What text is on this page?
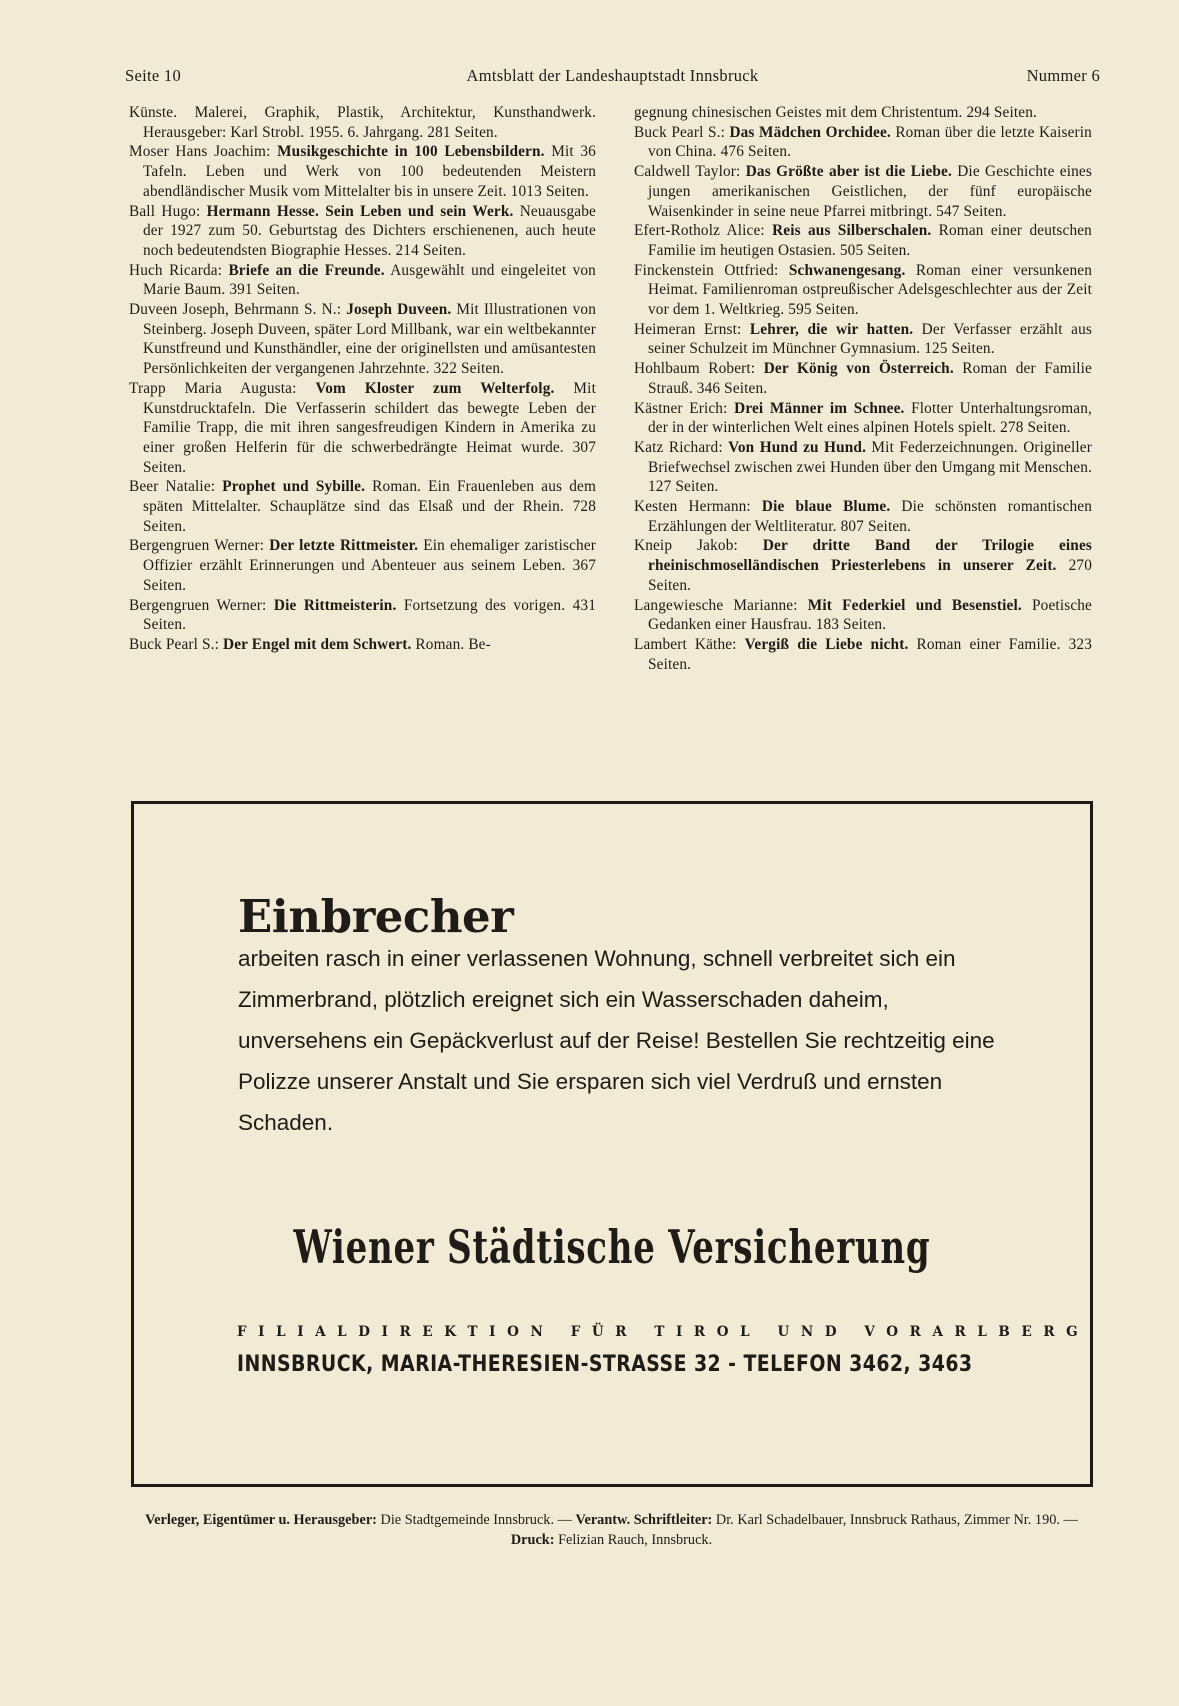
Seite 10	Amtsblatt der Landeshauptstadt Innsbruck	Nummer 6

Künste. Malerei, Graphik, Plastik, Architektur, Kunsthandwerk. Herausgeber: Karl Strobl. 1955. 6. Jahrgang. 281 Seiten.

Moser Hans Joachim: Musikgeschichte in 100 Lebensbildern. Mit 36 Tafeln. Leben und Werk von 100 bedeutenden Meistern abendländischer Musik vom Mittelalter bis in unsere Zeit. 1013 Seiten.

Ball Hugo: Hermann Hesse. Sein Leben und sein Werk. Neuausgabe der 1927 zum 50. Geburtstag des Dichters erschienenen, auch heute noch bedeutendsten Biographie Hesses. 214 Seiten.

Huch Ricarda: Briefe an die Freunde. Ausgewählt und eingeleitet von Marie Baum. 391 Seiten.

Duveen Joseph, Behrmann S. N.: Joseph Duveen. Mit Illustrationen von Steinberg. Joseph Duveen, später Lord Millbank, war ein weltbekannter Kunstfreund und Kunsthändler, eine der originellsten und amüsantesten Persönlichkeiten der vergangenen Jahrzehnte. 322 Seiten.

Trapp Maria Augusta: Vom Kloster zum Welterfolg. Mit Kunstdrucktafeln. Die Verfasserin schildert das bewegte Leben der Familie Trapp, die mit ihren sangesfreudigen Kindern in Amerika zu einer großen Helferin für die schwerbedrängte Heimat wurde. 307 Seiten.

Beer Natalie: Prophet und Sybille. Roman. Ein Frauenleben aus dem späten Mittelalter. Schauplätze sind das Elsaß und der Rhein. 728 Seiten.

Bergengruen Werner: Der letzte Rittmeister. Ein ehemaliger zaristischer Offizier erzählt Erinnerungen und Abenteuer aus seinem Leben. 367 Seiten.

Bergengruen Werner: Die Rittmeisterin. Fortsetzung des vorigen. 431 Seiten.

Buck Pearl S.: Der Engel mit dem Schwert. Roman. Be-

gegnung chinesischen Geistes mit dem Christentum. 294 Seiten.

Buck Pearl S.: Das Mädchen Orchidee. Roman über die letzte Kaiserin von China. 476 Seiten.

Caldwell Taylor: Das Größte aber ist die Liebe. Die Geschichte eines jungen amerikanischen Geistlichen, der fünf europäische Waisenkinder in seine neue Pfarrei mitbringt. 547 Seiten.

Efert-Rotholz Alice: Reis aus Silberschalen. Roman einer deutschen Familie im heutigen Ostasien. 505 Seiten.

Finckenstein Ottfried: Schwanengesang. Roman einer versunkenen Heimat. Familienroman ostpreußischer Adelsgeschlechter aus der Zeit vor dem 1. Weltkrieg. 595 Seiten.

Heimeran Ernst: Lehrer, die wir hatten. Der Verfasser erzählt aus seiner Schulzeit im Münchner Gymnasium. 125 Seiten.

Hohlbaum Robert: Der König von Österreich. Roman der Familie Strauß. 346 Seiten.

Kästner Erich: Drei Männer im Schnee. Flotter Unterhaltungsroman, der in der winterlichen Welt eines alpinen Hotels spielt. 278 Seiten.

Katz Richard: Von Hund zu Hund. Mit Federzeichnungen. Origineller Briefwechsel zwischen zwei Hunden über den Umgang mit Menschen. 127 Seiten.

Kesten Hermann: Die blaue Blume. Die schönsten romantischen Erzählungen der Weltliteratur. 807 Seiten.

Kneip Jakob: Der dritte Band der Trilogie eines rheinischmoselländischen Priesterlebens in unserer Zeit. 270 Seiten.

Langewiesche Marianne: Mit Federkiel und Besenstiel. Poetische Gedanken einer Hausfrau. 183 Seiten.

Lambert Käthe: Vergiß die Liebe nicht. Roman einer Familie. 323 Seiten.

Einbrecher

arbeiten rasch in einer verlassenen Wohnung, schnell verbreitet sich ein Zimmerbrand, plötzlich ereignet sich ein Wasserschaden daheim, unversehens ein Gepäckverlust auf der Reise! Bestellen Sie rechtzeitig eine Polizze unserer Anstalt und Sie ersparen sich viel Verdruß und ernsten Schaden.

Wiener Städtische Versicherung

FILIALDIREKTION FÜR TIROL UND VORARLBERG

INNSBRUCK, MARIA-THERESIEN-STRASSE 32 - TELEFON 3462, 3463

Verleger, Eigentümer u. Herausgeber: Die Stadtgemeinde Innsbruck. — Verantw. Schriftleiter: Dr. Karl Schadelbauer, Innsbruck Rathaus, Zimmer Nr. 190. — Druck: Felizian Rauch, Innsbruck.
